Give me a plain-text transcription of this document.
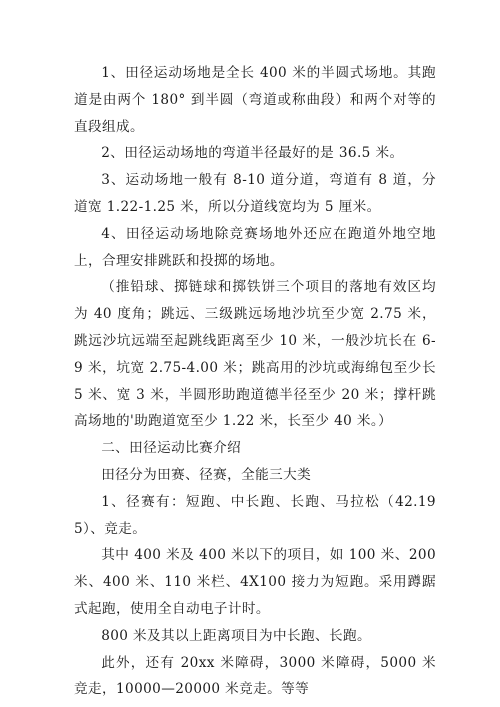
1、田径运动场地是全长 400 米的半圆式场地。其跑道是由两个 180° 到半圆（弯道或称曲段）和两个对等的直段组成。

2、田径运动场地的弯道半径最好的是 36.5 米。

3、运动场地一般有 8-10 道分道，弯道有 8 道，分道宽 1.22-1.25 米，所以分道线宽均为 5 厘米。

4、田径运动场地除竞赛场地外还应在跑道外地空地上，合理安排跳跃和投掷的场地。

（推铅球、掷链球和掷铁饼三个项目的落地有效区均为 40 度角；跳远、三级跳远场地沙坑至少宽 2.75 米，跳远沙坑远端至起跳线距离至少 10 米，一般沙坑长在 6-9 米，坑宽 2.75-4.00 米；跳高用的沙坑或海绵包至少长 5 米、宽 3 米，半圆形助跑道德半径至少 20 米；撑杆跳高场地的'助跑道宽至少 1.22 米，长至少 40 米。）

二、田径运动比赛介绍

田径分为田赛、径赛，全能三大类

1、径赛有：短跑、中长跑、长跑、马拉松（42.195）、竞走。

其中 400 米及 400 米以下的项目，如 100 米、200 米、400 米、110 米栏、4X100 接力为短跑。采用蹲踞式起跑，使用全自动电子计时。

800 米及其以上距离项目为中长跑、长跑。

此外，还有 20xx 米障碍，3000 米障碍，5000 米竞走，10000—20000 米竞走。等等
